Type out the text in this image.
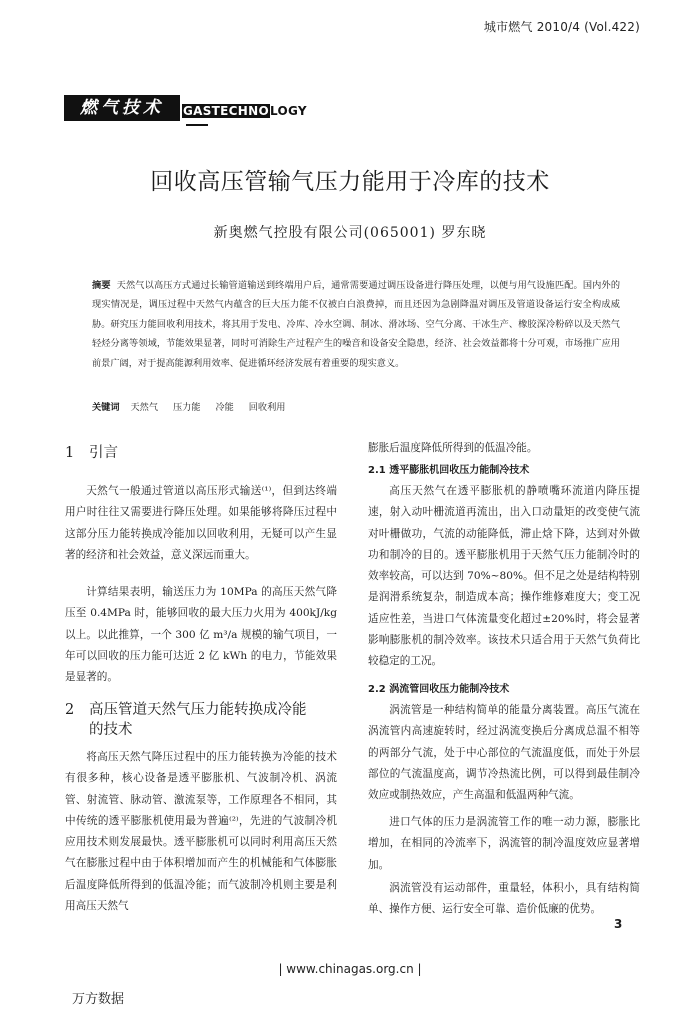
城市燃气 2010/4 (Vol.422)
燃气技术	GASTECHNOLOGY
回收高压管输气压力能用于冷库的技术
新奥燃气控股有限公司(065001) 罗东晓
摘要 天然气以高压方式通过长输管道输送到终端用户后，通常需要通过调压设备进行降压处理，以便与用气设施匹配。国内外的现实情况是，调压过程中天然气内蕴含的巨大压力能不仅被白白浪费掉，而且还因为急剧降温对调压及管道设备运行安全构成威胁。研究压力能回收利用技术，将其用于发电、冷库、冷水空调、制冰、滑冰场、空气分离、干冰生产、橡胶深冷粉碎以及天然气轻烃分离等领域，节能效果显著，同时可消除生产过程产生的噪音和设备安全隐患，经济、社会效益都将十分可观，市场推广应用前景广阔，对于提高能源利用效率、促进循环经济发展有着重要的现实意义。
关键词 天然气 压力能 冷能 回收利用
1 引言

天然气一般通过管道以高压形式输送⁽¹⁾，但到达终端用户时往往又需要进行降压处理。如果能够将降压过程中这部分压力能转换成冷能加以回收利用，无疑可以产生显著的经济和社会效益，意义深远而重大。

计算结果表明，输送压力为 10MPa 的高压天然气降压至 0.4MPa 时，能够回收的最大压力火用为 400kJ/kg 以上。以此推算，一个 300 亿 m³/a 规模的输气项目，一年可以回收的压力能可达近 2 亿 kWh 的电力，节能效果是显著的。

2 高压管道天然气压力能转换成冷能
的技术

将高压天然气降压过程中的压力能转换为冷能的技术有很多种，核心设备是透平膨胀机、气波制冷机、涡流管、射流管、脉动管、激流泵等，工作原理各不相同，其中传统的透平膨胀机使用最为普遍⁽²⁾，先进的气波制冷机应用技术则发展最快。透平膨胀机可以同时利用高压天然气在膨胀过程中由于体积增加而产生的机械能和气体膨胀后温度降低所得到的低温冷能；而气波制冷机则主要是利用高压天然气

膨胀后温度降低所得到的低温冷能。

2.1 透平膨胀机回收压力能制冷技术

高压天然气在透平膨胀机的静喷嘴环流道内降压提速，射入动叶栅流道再流出，出入口动量矩的改变使气流对叶栅做功，气流的动能降低，滞止焓下降，达到对外做功和制冷的目的。透平膨胀机用于天然气压力能制冷时的效率较高，可以达到 70%~80%。但不足之处是结构特别是润滑系统复杂，制造成本高；操作维修难度大；变工况适应性差，当进口气体流量变化超过±20%时，将会显著影响膨胀机的制冷效率。该技术只适合用于天然气负荷比较稳定的工况。

2.2 涡流管回收压力能制冷技术

涡流管是一种结构简单的能量分离装置。高压气流在涡流管内高速旋转时，经过涡流变换后分离成总温不相等的两部分气流，处于中心部位的气流温度低，而处于外层部位的气流温度高，调节冷热流比例，可以得到最佳制冷效应或制热效应，产生高温和低温两种气流。

进口气体的压力是涡流管工作的唯一动力源，膨胀比增加，在相同的冷流率下，涡流管的制冷温度效应显著增加。

涡流管没有运动部件，重量轻，体积小，具有结构简单、操作方便、运行安全可靠、造价低廉的优势。

3
| www.chinagas.org.cn |
万方数据
